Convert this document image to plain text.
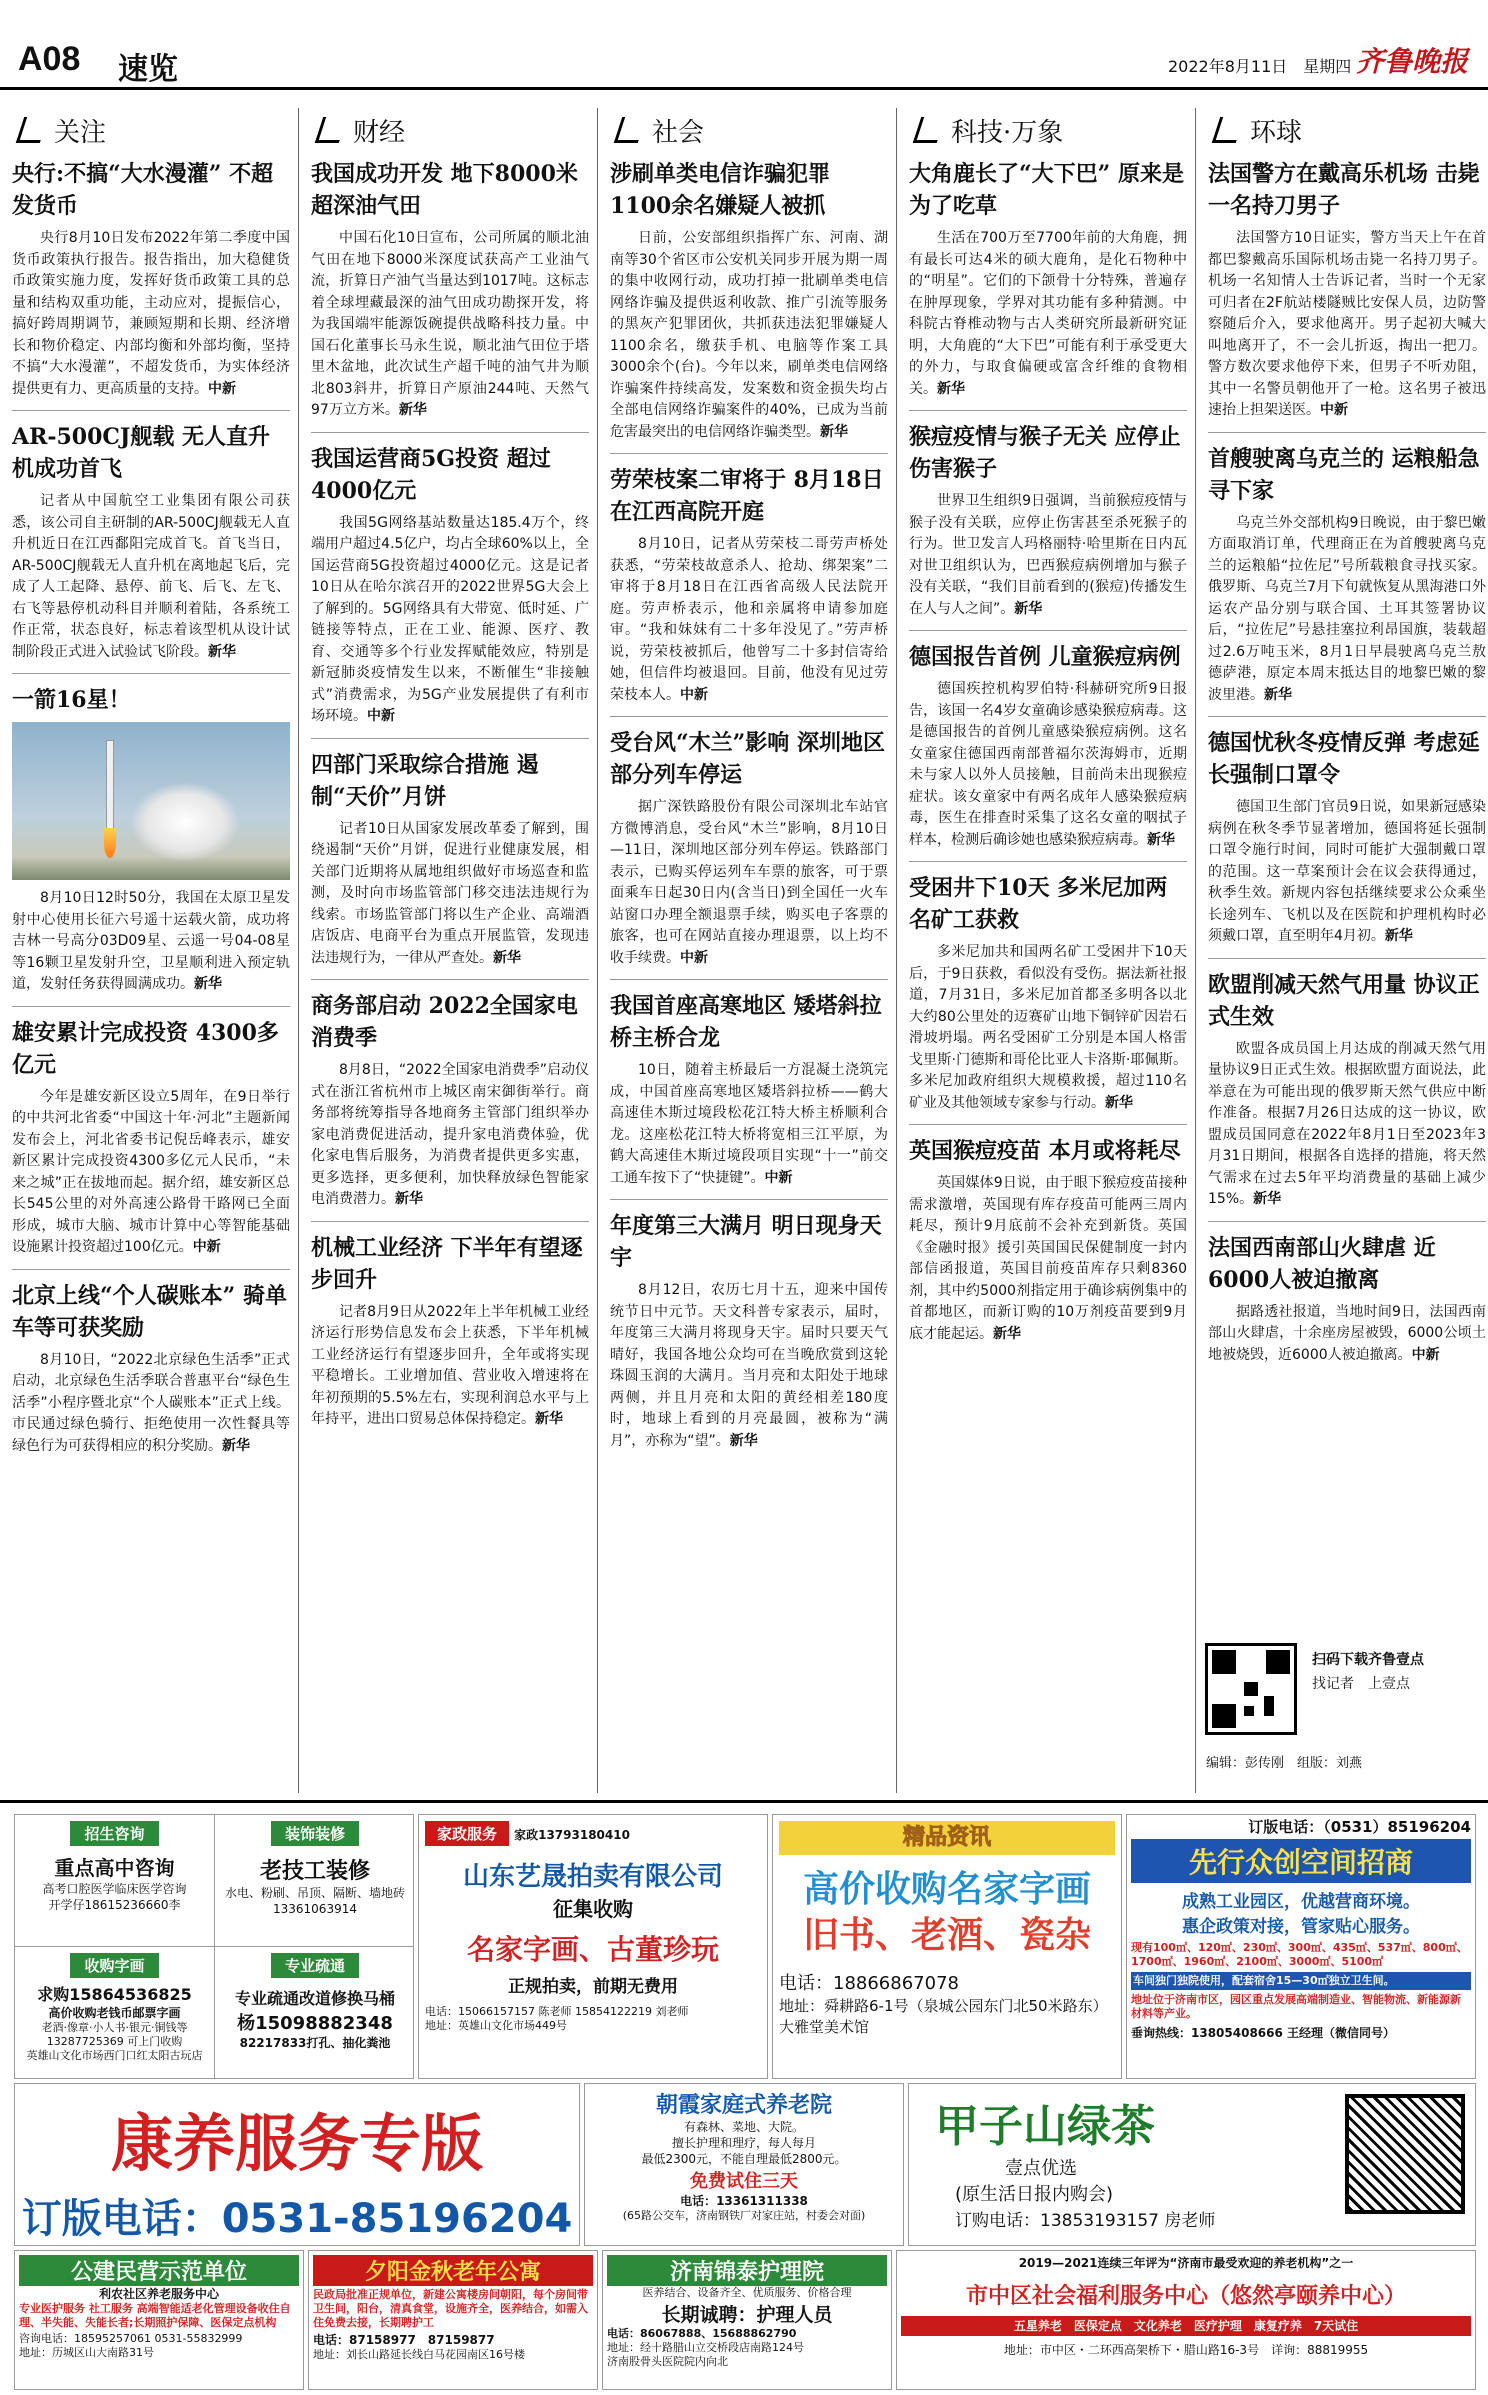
A08 速览	2022年8月11日　星期四 齐鲁晚报
关注
央行:不搞“大水漫灌” 不超发货币

央行8月10日发布2022年第二季度中国货币政策执行报告。报告指出，加大稳健货币政策实施力度，发挥好货币政策工具的总量和结构双重功能，主动应对，提振信心，搞好跨周期调节，兼顾短期和长期、经济增长和物价稳定、内部均衡和外部均衡，坚持不搞“大水漫灌”，不超发货币，为实体经济提供更有力、更高质量的支持。中新

AR-500CJ舰载 无人直升机成功首飞

记者从中国航空工业集团有限公司获悉，该公司自主研制的AR-500CJ舰载无人直升机近日在江西鄱阳完成首飞。首飞当日，AR-500CJ舰载无人直升机在离地起飞后，完成了人工起降、悬停、前飞、后飞、左飞、右飞等悬停机动科目并顺利着陆，各系统工作正常，状态良好，标志着该型机从设计试制阶段正式进入试验试飞阶段。新华

一箭16星！

8月10日12时50分，我国在太原卫星发射中心使用长征六号遥十运载火箭，成功将吉林一号高分03D09星、云遥一号04-08星等16颗卫星发射升空，卫星顺利进入预定轨道，发射任务获得圆满成功。新华

雄安累计完成投资 4300多亿元

今年是雄安新区设立5周年，在9日举行的中共河北省委“中国这十年·河北”主题新闻发布会上，河北省委书记倪岳峰表示，雄安新区累计完成投资4300多亿元人民币，“未来之城”正在拔地而起。据介绍，雄安新区总长545公里的对外高速公路骨干路网已全面形成，城市大脑、城市计算中心等智能基础设施累计投资超过100亿元。中新

北京上线“个人碳账本” 骑单车等可获奖励

8月10日，“2022北京绿色生活季”正式启动，北京绿色生活季联合普惠平台“绿色生活季”小程序暨北京“个人碳账本”正式上线。市民通过绿色骑行、拒绝使用一次性餐具等绿色行为可获得相应的积分奖励。新华

财经
我国成功开发 地下8000米超深油气田

中国石化10日宣布，公司所属的顺北油气田在地下8000米深度试获高产工业油气流，折算日产油气当量达到1017吨。这标志着全球埋藏最深的油气田成功勘探开发，将为我国端牢能源饭碗提供战略科技力量。中国石化董事长马永生说，顺北油气田位于塔里木盆地，此次试生产超千吨的油气井为顺北803斜井，折算日产原油244吨、天然气97万立方米。新华

我国运营商5G投资 超过4000亿元

我国5G网络基站数量达185.4万个，终端用户超过4.5亿户，均占全球60%以上，全国运营商5G投资超过4000亿元。这是记者10日从在哈尔滨召开的2022世界5G大会上了解到的。5G网络具有大带宽、低时延、广链接等特点，正在工业、能源、医疗、教育、交通等多个行业发挥赋能效应，特别是新冠肺炎疫情发生以来，不断催生“非接触式”消费需求，为5G产业发展提供了有利市场环境。中新

四部门采取综合措施 遏制“天价”月饼

记者10日从国家发展改革委了解到，围绕遏制“天价”月饼，促进行业健康发展，相关部门近期将从属地组织做好市场巡查和监测，及时向市场监管部门移交违法违规行为线索。市场监管部门将以生产企业、高端酒店饭店、电商平台为重点开展监管，发现违法违规行为，一律从严查处。新华

商务部启动 2022全国家电消费季

8月8日，“2022全国家电消费季”启动仪式在浙江省杭州市上城区南宋御街举行。商务部将统筹指导各地商务主管部门组织举办家电消费促进活动，提升家电消费体验，优化家电售后服务，为消费者提供更多实惠，更多选择，更多便利，加快释放绿色智能家电消费潜力。新华

机械工业经济 下半年有望逐步回升

记者8月9日从2022年上半年机械工业经济运行形势信息发布会上获悉，下半年机械工业经济运行有望逐步回升，全年或将实现平稳增长。工业增加值、营业收入增速将在年初预期的5.5%左右，实现利润总水平与上年持平，进出口贸易总体保持稳定。新华

社会
涉刷单类电信诈骗犯罪 1100余名嫌疑人被抓

日前，公安部组织指挥广东、河南、湖南等30个省区市公安机关同步开展为期一周的集中收网行动，成功打掉一批刷单类电信网络诈骗及提供返利收款、推广引流等服务的黑灰产犯罪团伙，共抓获违法犯罪嫌疑人1100余名，缴获手机、电脑等作案工具3000余个(台)。今年以来，刷单类电信网络诈骗案件持续高发，发案数和资金损失均占全部电信网络诈骗案件的40%，已成为当前危害最突出的电信网络诈骗类型。新华

劳荣枝案二审将于 8月18日在江西高院开庭

8月10日，记者从劳荣枝二哥劳声桥处获悉，“劳荣枝故意杀人、抢劫、绑架案”二审将于8月18日在江西省高级人民法院开庭。劳声桥表示，他和亲属将申请参加庭审。“我和妹妹有二十多年没见了。”劳声桥说，劳荣枝被抓后，他曾写二十多封信寄给她，但信件均被退回。目前，他没有见过劳荣枝本人。中新

受台风“木兰”影响 深圳地区部分列车停运

据广深铁路股份有限公司深圳北车站官方微博消息，受台风“木兰”影响，8月10日—11日，深圳地区部分列车停运。铁路部门表示，已购买停运列车车票的旅客，可于票面乘车日起30日内(含当日)到全国任一火车站窗口办理全额退票手续，购买电子客票的旅客，也可在网站直接办理退票，以上均不收手续费。中新

我国首座高寒地区 矮塔斜拉桥主桥合龙

10日，随着主桥最后一方混凝土浇筑完成，中国首座高寒地区矮塔斜拉桥——鹤大高速佳木斯过境段松花江特大桥主桥顺利合龙。这座松花江特大桥将宽相三江平原，为鹤大高速佳木斯过境段项目实现“十一”前交工通车按下了“快捷键”。中新

年度第三大满月 明日现身天宇

8月12日，农历七月十五，迎来中国传统节日中元节。天文科普专家表示，届时，年度第三大满月将现身天宇。届时只要天气晴好，我国各地公众均可在当晚欣赏到这轮珠圆玉润的大满月。当月亮和太阳处于地球两侧，并且月亮和太阳的黄经相差180度时，地球上看到的月亮最圆，被称为“满月”，亦称为“望”。新华

科技·万象
大角鹿长了“大下巴” 原来是为了吃草

生活在700万至7700年前的大角鹿，拥有最长可达4米的硕大鹿角，是化石物种中的“明星”。它们的下颌骨十分特殊，普遍存在肿厚现象，学界对其功能有多种猜测。中科院古脊椎动物与古人类研究所最新研究证明，大角鹿的“大下巴”可能有利于承受更大的外力，与取食偏硬或富含纤维的食物相关。新华

猴痘疫情与猴子无关 应停止伤害猴子

世界卫生组织9日强调，当前猴痘疫情与猴子没有关联，应停止伤害甚至杀死猴子的行为。世卫发言人玛格丽特·哈里斯在日内瓦对世卫组织认为，巴西猴痘病例增加与猴子没有关联，“我们目前看到的(猴痘)传播发生在人与人之间”。新华

德国报告首例 儿童猴痘病例

德国疾控机构罗伯特·科赫研究所9日报告，该国一名4岁女童确诊感染猴痘病毒。这是德国报告的首例儿童感染猴痘病例。这名女童家住德国西南部普福尔茨海姆市，近期未与家人以外人员接触，目前尚未出现猴痘症状。该女童家中有两名成年人感染猴痘病毒，医生在排查时采集了这名女童的咽拭子样本，检测后确诊她也感染猴痘病毒。新华

受困井下10天 多米尼加两名矿工获救

多米尼加共和国两名矿工受困井下10天后，于9日获救，看似没有受伤。据法新社报道，7月31日，多米尼加首都圣多明各以北大约80公里处的迈赛矿山地下铜锌矿因岩石滑坡坍塌。两名受困矿工分别是本国人格雷戈里斯·门德斯和哥伦比亚人卡洛斯·耶佩斯。多米尼加政府组织大规模救援，超过110名矿业及其他领域专家参与行动。新华

英国猴痘疫苗 本月或将耗尽

英国媒体9日说，由于眼下猴痘疫苗接种需求激增，英国现有库存疫苗可能两三周内耗尽，预计9月底前不会补充到新货。英国《金融时报》援引英国国民保健制度一封内部信函报道，英国目前疫苗库存只剩8360剂，其中约5000剂指定用于确诊病例集中的首都地区，而新订购的10万剂疫苗要到9月底才能起运。新华

环球
法国警方在戴高乐机场 击毙一名持刀男子

法国警方10日证实，警方当天上午在首都巴黎戴高乐国际机场击毙一名持刀男子。机场一名知情人士告诉记者，当时一个无家可归者在2F航站楼隧贼比安保人员，边防警察随后介入，要求他离开。男子起初大喊大叫地离开了，不一会儿折返，掏出一把刀。警方数次要求他停下来，但男子不听劝阻，其中一名警员朝他开了一枪。这名男子被迅速抬上担架送医。中新

首艘驶离乌克兰的 运粮船急寻下家

乌克兰外交部机构9日晚说，由于黎巴嫩方面取消订单，代理商正在为首艘驶离乌克兰的运粮船“拉佐尼”号所载粮食寻找买家。俄罗斯、乌克兰7月下旬就恢复从黑海港口外运农产品分别与联合国、土耳其签署协议后，“拉佐尼”号悬挂塞拉利昂国旗，装载超过2.6万吨玉米，8月1日早晨驶离乌克兰敖德萨港，原定本周末抵达目的地黎巴嫩的黎波里港。新华

德国忧秋冬疫情反弹 考虑延长强制口罩令

德国卫生部门官员9日说，如果新冠感染病例在秋冬季节显著增加，德国将延长强制口罩令施行时间，同时可能扩大强制戴口罩的范围。这一草案预计会在议会获得通过，秋季生效。新规内容包括继续要求公众乘坐长途列车、飞机以及在医院和护理机构时必须戴口罩，直至明年4月初。新华

欧盟削减天然气用量 协议正式生效

欧盟各成员国上月达成的削减天然气用量协议9日正式生效。根据欧盟方面说法，此举意在为可能出现的俄罗斯天然气供应中断作准备。根据7月26日达成的这一协议，欧盟成员国同意在2022年8月1日至2023年3月31日期间，根据各自选择的措施，将天然气需求在过去5年平均消费量的基础上减少15%。新华

法国西南部山火肆虐 近6000人被迫撤离

据路透社报道，当地时间9日，法国西南部山火肆虐，十余座房屋被毁，6000公顷土地被烧毁，近6000人被迫撤离。中新

扫码下载齐鲁壹点
找记者　上壹点
编辑：彭传刚　组版：刘燕
招生咨询
重点高中咨询
高考口腔医学临床医学咨询
开学仔18615236660李
装饰装修
老技工装修
水电、粉刷、吊顶、隔断、墙地砖13361063914
收购字画
求购15864536825
高价收购老钱币邮票字画
老酒·像章·小人书·银元·铜钱等
13287725369 可上门收购
英雄山文化市场西门口红太阳古玩店
专业疏通
专业疏通改道修换马桶
杨15098882348
82217833打孔、抽化粪池
家政服务 家政13793180410
山东艺晟拍卖有限公司
征集收购
名家字画、古董珍玩
正规拍卖，前期无费用
电话：15066157157 陈老师 15854122219 刘老师
地址：英雄山文化市场449号
精品资讯
高价收购名家字画
旧书、老酒、瓷杂
电话：18866867078
地址：舜耕路6-1号（泉城公园东门北50米路东）大雅堂美术馆
订版电话：（0531）85196204
先行众创空间招商
成熟工业园区，优越营商环境。
惠企政策对接，管家贴心服务。
现有100㎡、120㎡、230㎡、300㎡、435㎡、537㎡、800㎡、1700㎡、1960㎡、2100㎡、3000㎡、5100㎡
车间独门独院使用，配套宿舍15—30㎡独立卫生间。
地址位于济南市区，园区重点发展高端制造业、智能物流、新能源新材料等产业。
垂询热线：13805408666 王经理（微信同号）
康养服务专版
订版电话：0531-85196204
朝霞家庭式养老院
有森林、菜地、大院。
擅长护理和理疗，每人每月
最低2300元，不能自理最低2800元。
免费试住三天
电话：13361311338
(65路公交车，济南钢铁厂对家庄站，村委会对面)
甲子山绿茶
壹点优选
(原生活日报内购会)
订购电话：13853193157 房老师
公建民营示范单位
利农社区养老服务中心
专业医护服务 社工服务 高端智能适老化管理设备收住自理、半失能、失能长者;长期照护保障、医保定点机构
咨询电话：18595257061 0531-55832999
地址：历城区山大南路31号
夕阳金秋老年公寓
民政局批准正规单位，新建公寓楼房间朝阳，每个房间带卫生间，阳台，清真食堂，设施齐全，医养结合，如需入住免费去接，长期聘护工
电话：87158977　87159877
地址：刘长山路延长线白马花园南区16号楼
济南锦泰护理院
医养结合、设备齐全、优质服务、价格合理
长期诚聘：护理人员
电话：86067888、15688862790
地址：经十路腊山立交桥段店南路124号
济南股骨头医院院内向北
2019—2021连续三年评为“济南市最受欢迎的养老机构”之一
市中区社会福利服务中心（悠然亭颐养中心）
五星养老　医保定点　文化养老　医疗护理　康复疗养　7天试住
地址：市中区・二环西高架桥下・腊山路16-3号　详询：88819955
